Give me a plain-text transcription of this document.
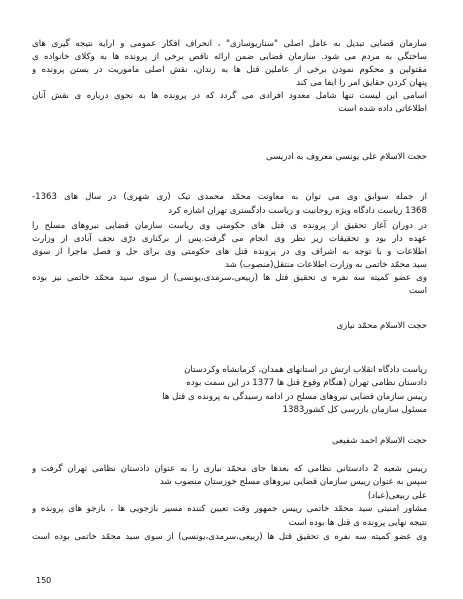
سازمان قضایی تبدیل به عامل اصلی "سناریوسازی" ، انحراف افکار عمومی و ارایه نتیجه گیری های
ساختگی به مردم می شود. سازمان قضایی ضمن ارائه ناقص برخی از پرونده ها به وکلای خانواده ی
مقتولین و محکوم نمودن برخی از عاملین قتل ها به زندان، نقش اصلی ماموریت در بستن پرونده و
پنهان کردن حقایق امر را ایفا می کند
اسامی این لیست تنها شامل معدود افرادی می گردد که در پرونده ها به نحوی درباره ی نقش آنان
اطلاعاتی داده شده است
حجت الاسلام علی یونسی معروف به ادریسی
از جمله سوابق وی می توان به معاونت محمّد محمدی نیک (ری شهری) در سال های 1363-
1368 ریاست دادگاه ویژه روحانیت و ریاست دادگستری تهران اشاره کرد
در دوران آغاز تحقیق از پرونده ی قتل های حکومتی وی ریاست سازمان قضایی نیروهای مسلح را
عهده دار بود و تحقیقات زیر نظر وی انجام می گرفت.پس از برکناری درّی نجف آبادی از وزارت
اطلاعات و با توجه به اشراف وی در پرونده قتل های حکومتی وی برای حل و فصل ماجرا از سوی
سید محمّد خاتمی به وزارت اطلاعات منتقل(منصوب) شد
وی عضو کمیته سه نفره ی تحقیق قتل ها (ربیعی،سرمدی،یونسی) از سوی سید محمّد خاتمی نیز بوده
است
حجت الاسلام محمّد نیازی
ریاست دادگاه انقلاب ارتش در استانهای همدان، کرمانشاه وکردستان
دادستان نظامی تهران (هنگام وقوع قتل ها 1377 در این سمت بوده
رییس سازمان قضایی نیروهای مسلح در ادامه رسیدگی به پرونده ی قتل ها
مسئول سازمان بازرسی کل کشور1383
حجت الاسلام احمد شفیعی
رییس شعبه 2 دادستانی نظامی که بعدها جای محمّد نیازی را به عنوان دادستان نظامی تهران گرفت و
سپس به عنوان رییس سازمان قضایی نیروهای مسلح خوزستان منصوب شد
علی ربیعی(عباد)
مشاور امنیتی سید محمّد خاتمی رییس جمهور وقت تعیین کننده مسیر بازجویی ها ، بازجو های پرونده و
نتیجه نهایی پرونده ی قتل ها بوده است
وی عضو کمیته سه نفره ی تحقیق قتل ها (ربیعی،سرمدی،یونسی) از سوی سید محمّد خاتمی بوده است
150
